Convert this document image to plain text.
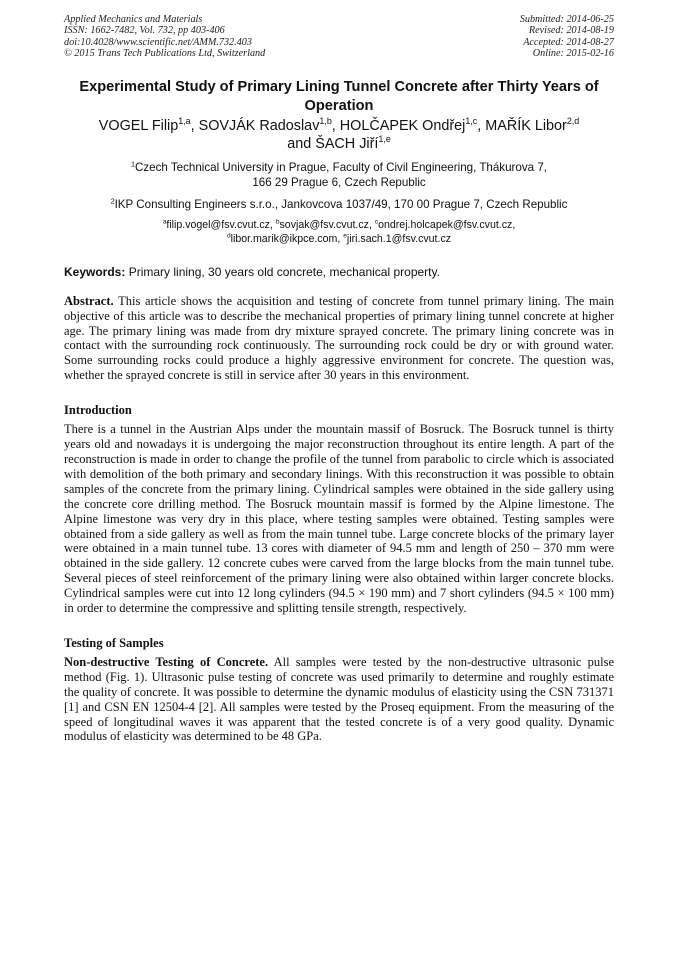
Applied Mechanics and Materials
ISSN: 1662-7482, Vol. 732, pp 403-406
doi:10.4028/www.scientific.net/AMM.732.403
© 2015 Trans Tech Publications Ltd, Switzerland
Submitted: 2014-06-25
Revised: 2014-08-19
Accepted: 2014-08-27
Online: 2015-02-16
Experimental Study of Primary Lining Tunnel Concrete after Thirty Years of Operation
VOGEL Filip$^{1,a}$, SOVJÁK Radoslav$^{1,b}$, HOLČAPEK Ondřej$^{1,c}$, MAŘÍK Libor$^{2,d}$
and ŠACH Jiří$^{1,e}$
$^1$Czech Technical University in Prague, Faculty of Civil Engineering, Thákurova 7,
166 29 Prague 6, Czech Republic
$^2$IKP Consulting Engineers s.r.o., Jankovcova 1037/49, 170 00 Prague 7, Czech Republic
$^a$filip.vogel@fsv.cvut.cz, $^b$sovjak@fsv.cvut.cz, $^c$ondrej.holcapek@fsv.cvut.cz,
$^d$libor.marik@ikpce.com, $^e$jiri.sach.1@fsv.cvut.cz
Keywords: Primary lining, 30 years old concrete, mechanical property.
Abstract. This article shows the acquisition and testing of concrete from tunnel primary lining. The main objective of this article was to describe the mechanical properties of primary lining tunnel concrete at higher age. The primary lining was made from dry mixture sprayed concrete. The primary lining concrete was in contact with the surrounding rock continuously. The surrounding rock could be dry or with ground water. Some surrounding rocks could produce a highly aggressive environment for concrete. The question was, whether the sprayed concrete is still in service after 30 years in this environment.
Introduction
There is a tunnel in the Austrian Alps under the mountain massif of Bosruck. The Bosruck tunnel is thirty years old and nowadays it is undergoing the major reconstruction throughout its entire length. A part of the reconstruction is made in order to change the profile of the tunnel from parabolic to circle which is associated with demolition of the both primary and secondary linings. With this reconstruction it was possible to obtain samples of the concrete from the primary lining. Cylindrical samples were obtained in the side gallery using the concrete core drilling method. The Bosruck mountain massif is formed by the Alpine limestone. The Alpine limestone was very dry in this place, where testing samples were obtained. Testing samples were obtained from a side gallery as well as from the main tunnel tube. Large concrete blocks of the primary layer were obtained in a main tunnel tube. 13 cores with diameter of 94.5 mm and length of 250 – 370 mm were obtained in the side gallery. 12 concrete cubes were carved from the large blocks from the main tunnel tube. Several pieces of steel reinforcement of the primary lining were also obtained within larger concrete blocks. Cylindrical samples were cut into 12 long cylinders (94.5 × 190 mm) and 7 short cylinders (94.5 × 100 mm) in order to determine the compressive and splitting tensile strength, respectively.
Testing of Samples
Non-destructive Testing of Concrete. All samples were tested by the non-destructive ultrasonic pulse method (Fig. 1). Ultrasonic pulse testing of concrete was used primarily to determine and roughly estimate the quality of concrete. It was possible to determine the dynamic modulus of elasticity using the CSN 731371 [1] and CSN EN 12504-4 [2]. All samples were tested by the Proseq equipment. From the measuring of the speed of longitudinal waves it was apparent that the tested concrete is of a very good quality. Dynamic modulus of elasticity was determined to be 48 GPa.
